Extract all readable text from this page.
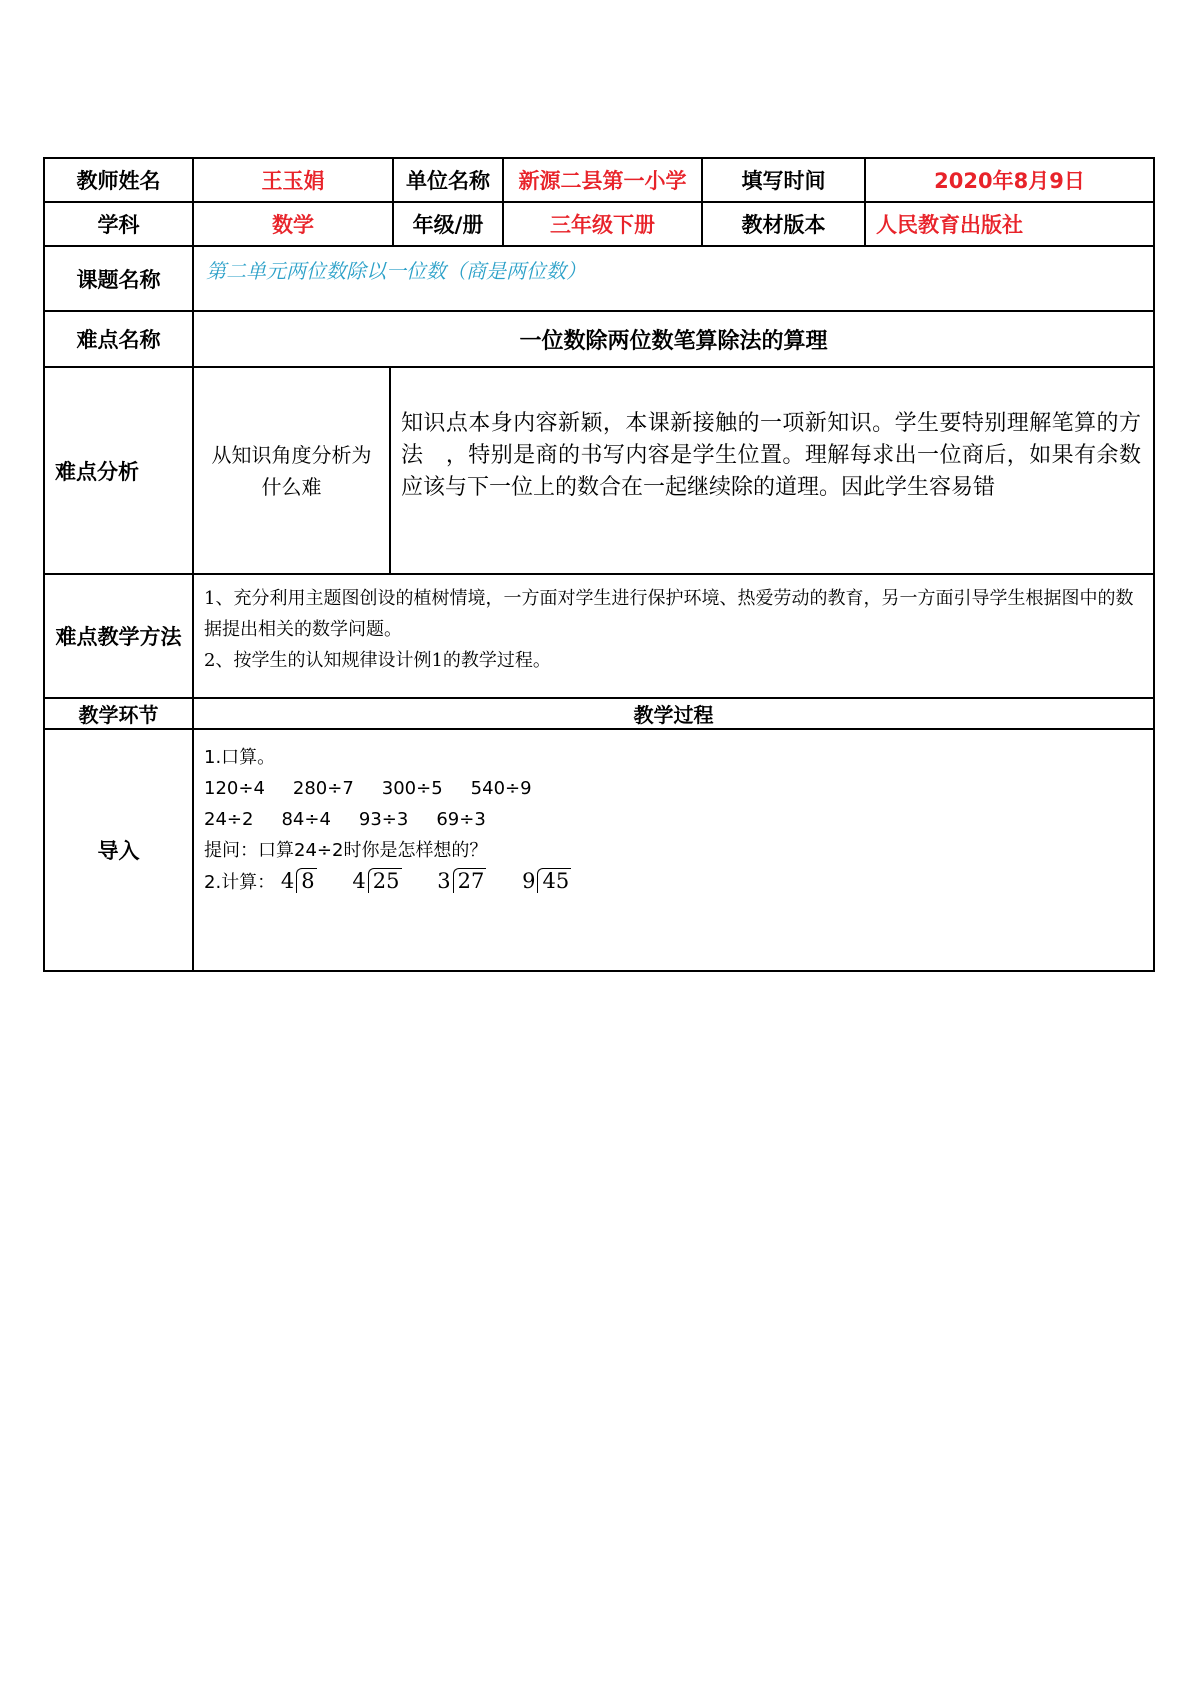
教师姓名	王玉娟		单位名称	新源二县第一小学	填写时间	2020年8月9日
学科	数学		年级/册	三年级下册	教材版本	人民教育出版社
课题名称	第二单元两位数除以一位数（商是两位数）					
难点名称	一位数除两位数笔算除法的算理					
难点分析	从知识角度分析为什么难	知识点本身内容新颖，本课新接触的一项新知识。学生要特别理解笔算的方法　，特别是商的书写内容是学生位置。理解每求出一位商后，如果有余数应该与下一位上的数合在一起继续除的道理。因此学生容易错				
难点教学方法	1、充分利用主题图创设的植树情境，一方面对学生进行保护环境、热爱劳动的教育，另一方面引导学生根据图中的数据提出相关的数学问题。

2、按学生的认知规律设计例1的教学过程。					

教学环节	教学过程					
导入	1.口算。

120÷4 280÷7 300÷5 540÷9

24÷2 84÷4 93÷3 69÷3

提问：口算24÷2时你是怎样想的？

2.计算： 4 8 4 25 3 27 9 45					
